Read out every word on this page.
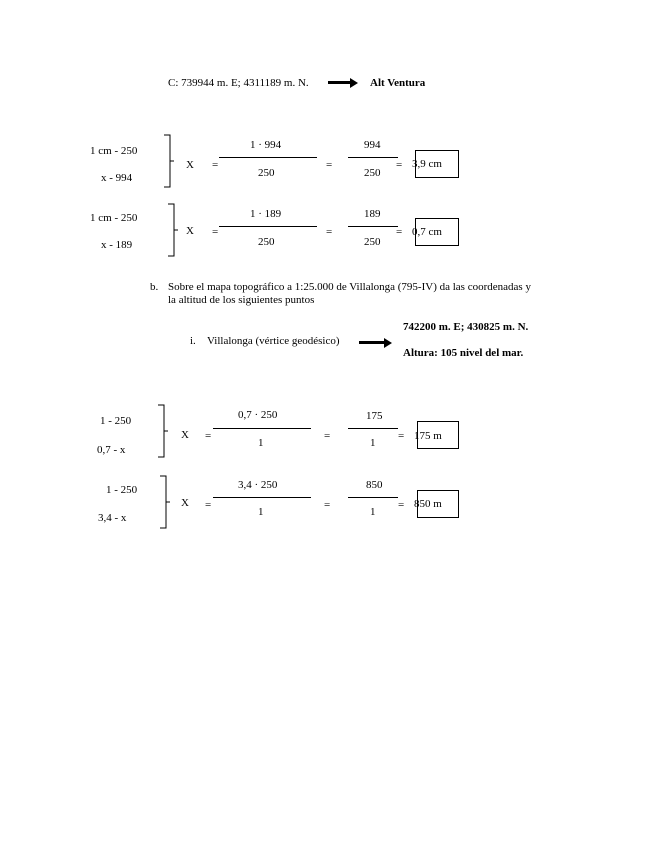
C: 739944 m. E; 4311189 m. N.	Alt Ventura
1 cm - 250
x - 994
X =
1 · 994
250
=
994
250
= 3,9 cm
1 cm - 250
x - 189
X =
1 · 189
250
=
189
250
= 0,7 cm
b. Sobre el mapa topográfico a 1:25.000 de Villalonga (795-IV) da las coordenadas y
la altitud de los siguientes puntos
i. Villalonga (vértice geodésico)
742200 m. E; 430825 m. N.
Altura: 105 nivel del mar.
1 - 250
0,7 - x
X =
0,7 · 250
1
=
175
1
= 175 m
1 - 250
3,4 - x
X =
3,4 · 250
1
=
850
1
= 850 m
